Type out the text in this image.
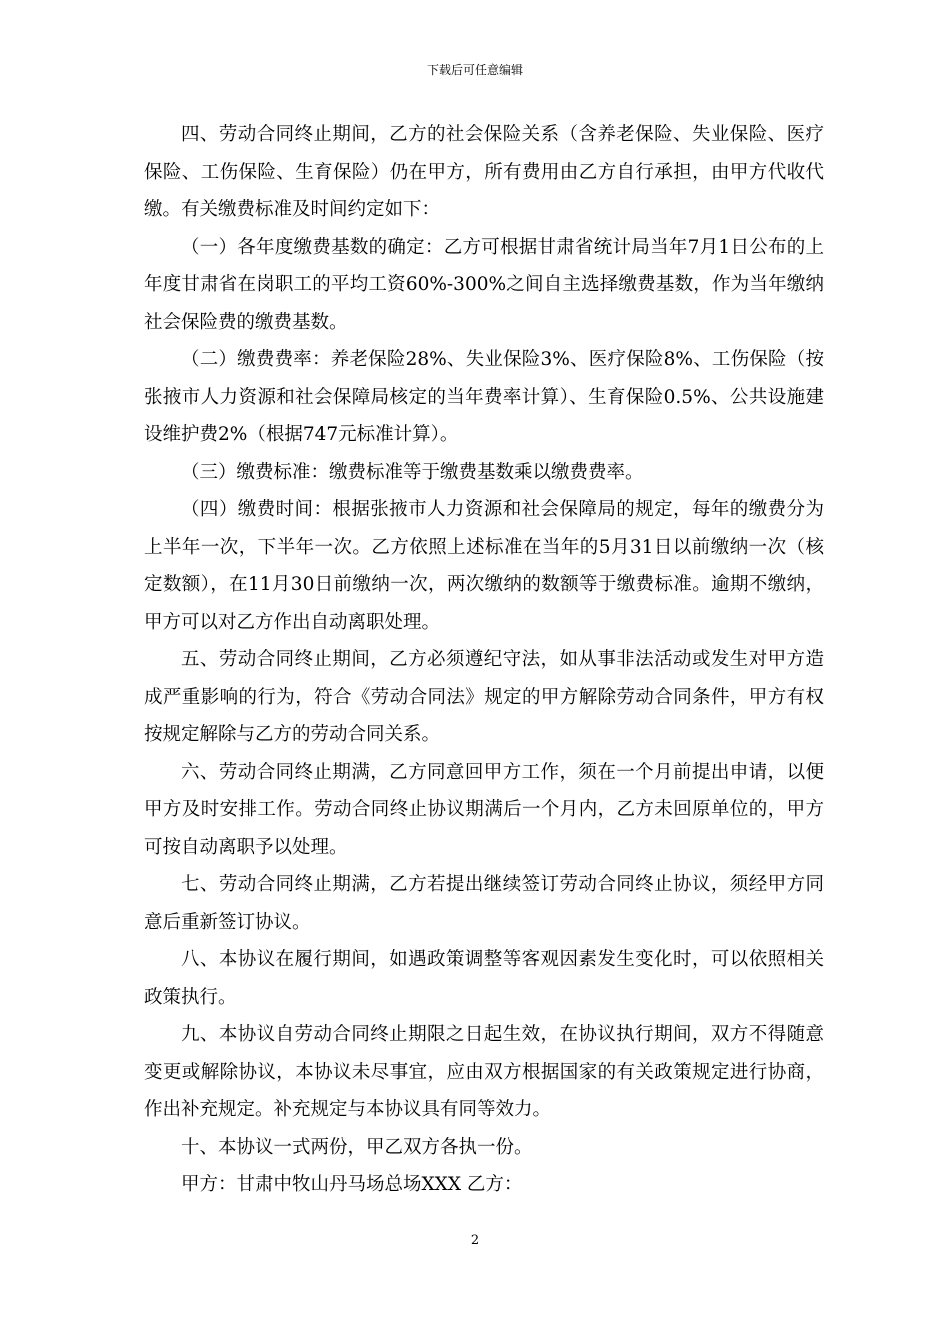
下载后可任意编辑

四、劳动合同终止期间，乙方的社会保险关系（含养老保险、失业保险、医疗保险、工伤保险、生育保险）仍在甲方，所有费用由乙方自行承担，由甲方代收代缴。有关缴费标准及时间约定如下：

（一）各年度缴费基数的确定：乙方可根据甘肃省统计局当年7月1日公布的上年度甘肃省在岗职工的平均工资60%-300%之间自主选择缴费基数，作为当年缴纳社会保险费的缴费基数。

（二）缴费费率：养老保险28%、失业保险3%、医疗保险8%、工伤保险（按张掖市人力资源和社会保障局核定的当年费率计算）、生育保险0.5%、公共设施建设维护费2%（根据747元标准计算）。

（三）缴费标准：缴费标准等于缴费基数乘以缴费费率。

（四）缴费时间：根据张掖市人力资源和社会保障局的规定，每年的缴费分为上半年一次，下半年一次。乙方依照上述标准在当年的5月31日以前缴纳一次（核定数额），在11月30日前缴纳一次，两次缴纳的数额等于缴费标准。逾期不缴纳，甲方可以对乙方作出自动离职处理。

五、劳动合同终止期间，乙方必须遵纪守法，如从事非法活动或发生对甲方造成严重影响的行为，符合《劳动合同法》规定的甲方解除劳动合同条件，甲方有权按规定解除与乙方的劳动合同关系。

六、劳动合同终止期满，乙方同意回甲方工作，须在一个月前提出申请，以便甲方及时安排工作。劳动合同终止协议期满后一个月内，乙方未回原单位的，甲方可按自动离职予以处理。

七、劳动合同终止期满，乙方若提出继续签订劳动合同终止协议，须经甲方同意后重新签订协议。

八、本协议在履行期间，如遇政策调整等客观因素发生变化时，可以依照相关政策执行。

九、本协议自劳动合同终止期限之日起生效，在协议执行期间，双方不得随意变更或解除协议，本协议未尽事宜，应由双方根据国家的有关政策规定进行协商，作出补充规定。补充规定与本协议具有同等效力。

十、本协议一式两份，甲乙双方各执一份。

甲方：甘肃中牧山丹马场总场XXX 乙方：

2
